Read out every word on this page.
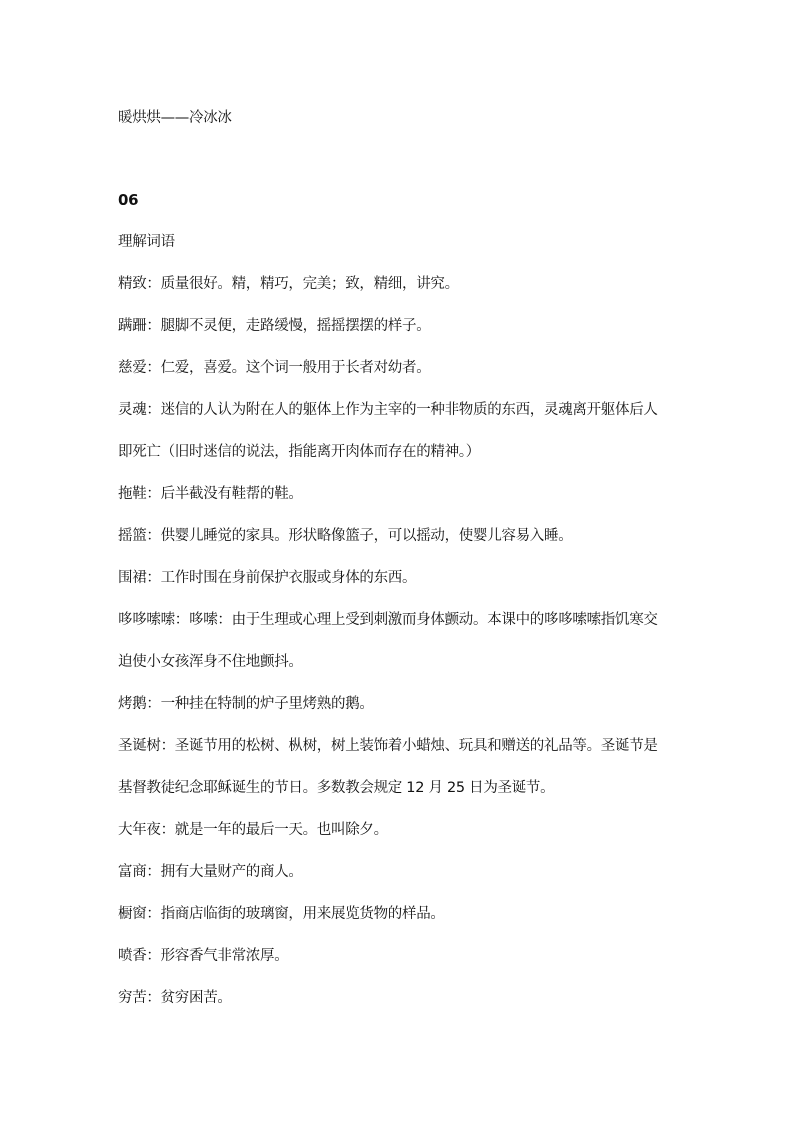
暖烘烘——冷冰冰
06
理解词语
精致：质量很好。精，精巧，完美；致，精细，讲究。
蹒跚：腿脚不灵便，走路缓慢，摇摇摆摆的样子。
慈爱：仁爱，喜爱。这个词一般用于长者对幼者。
灵魂：迷信的人认为附在人的躯体上作为主宰的一种非物质的东西，灵魂离开躯体后人
即死亡（旧时迷信的说法，指能离开肉体而存在的精神。）
拖鞋：后半截没有鞋帮的鞋。
摇篮：供婴儿睡觉的家具。形状略像篮子，可以摇动，使婴儿容易入睡。
围裙：工作时围在身前保护衣服或身体的东西。
哆哆嗦嗦：哆嗦：由于生理或心理上受到刺激而身体颤动。本课中的哆哆嗦嗦指饥寒交
迫使小女孩浑身不住地颤抖。
烤鹅：一种挂在特制的炉子里烤熟的鹅。
圣诞树：圣诞节用的松树、枞树，树上装饰着小蜡烛、玩具和赠送的礼品等。圣诞节是
基督教徒纪念耶稣诞生的节日。多数教会规定 12 月 25 日为圣诞节。
大年夜：就是一年的最后一天。也叫除夕。
富商：拥有大量财产的商人。
橱窗：指商店临街的玻璃窗，用来展览货物的样品。
喷香：形容香气非常浓厚。
穷苦：贫穷困苦。
